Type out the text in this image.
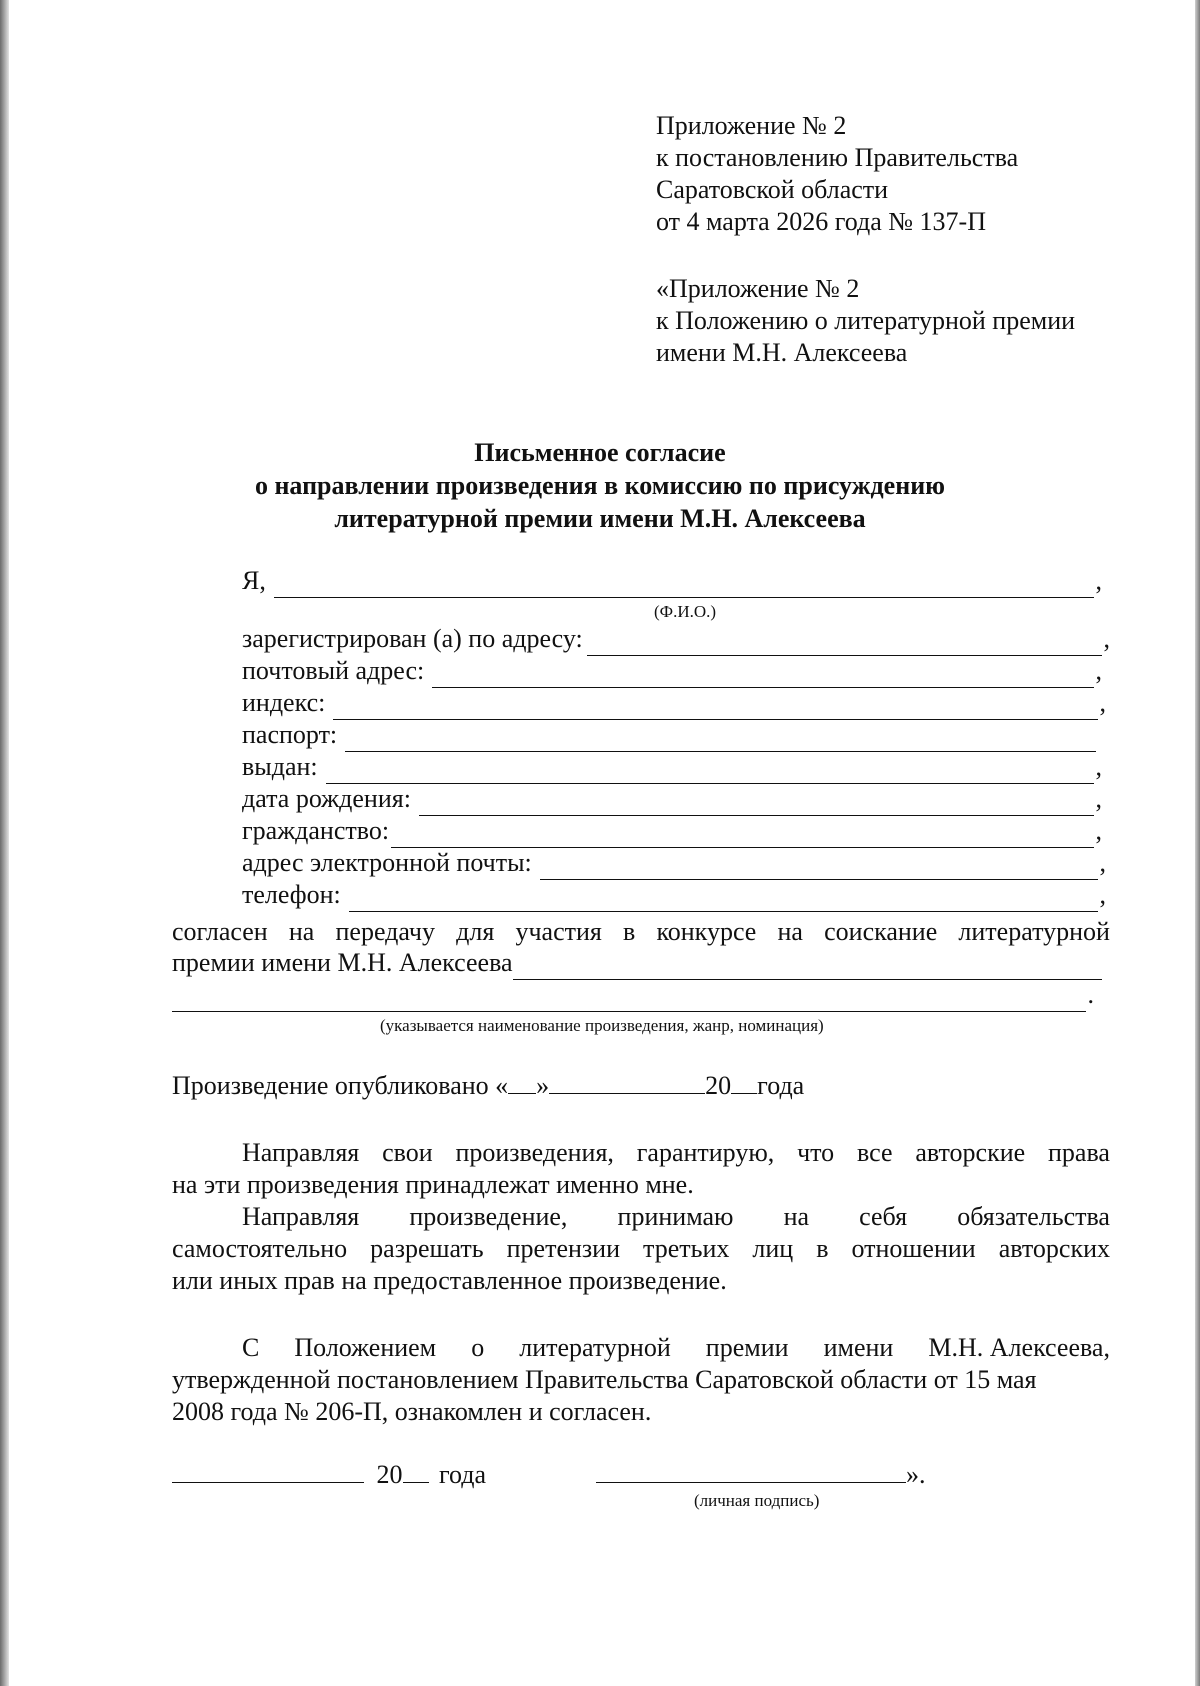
Приложение № 2
к постановлению Правительства
Саратовской области
от 4 марта 2026 года № 137-П
«Приложение № 2
к Положению о литературной премии
имени М.Н. Алексеева
Письменное согласие
о направлении произведения в комиссию по присуждению
литературной премии имени М.Н. Алексеева
Я,	,
(Ф.И.О.)
зарегистрирован (а) по адресу:	,
почтовый адрес:	,
индекс:	,
паспорт:
выдан:	,
дата рождения:	,
гражданство:	,
адрес электронной почты:	,
телефон:	,
согласен на передачу для участия в конкурсе на соискание литературной
премии имени М.Н. Алексеева
.
(указывается наименование произведения, жанр, номинация)
Произведение опубликовано « »	20 года
Направляя свои произведения, гарантирую, что все авторские права
на эти произведения принадлежат именно мне.
Направляя произведение, принимаю на себя обязательства
самостоятельно разрешать претензии третьих лиц в отношении авторских
или иных прав на предоставленное произведение.
С Положением о литературной премии имени М.Н. Алексеева,
утвержденной постановлением Правительства Саратовской области от 15 мая
2008 года № 206-П, ознакомлен и согласен.
20 года	».
(личная подпись)
